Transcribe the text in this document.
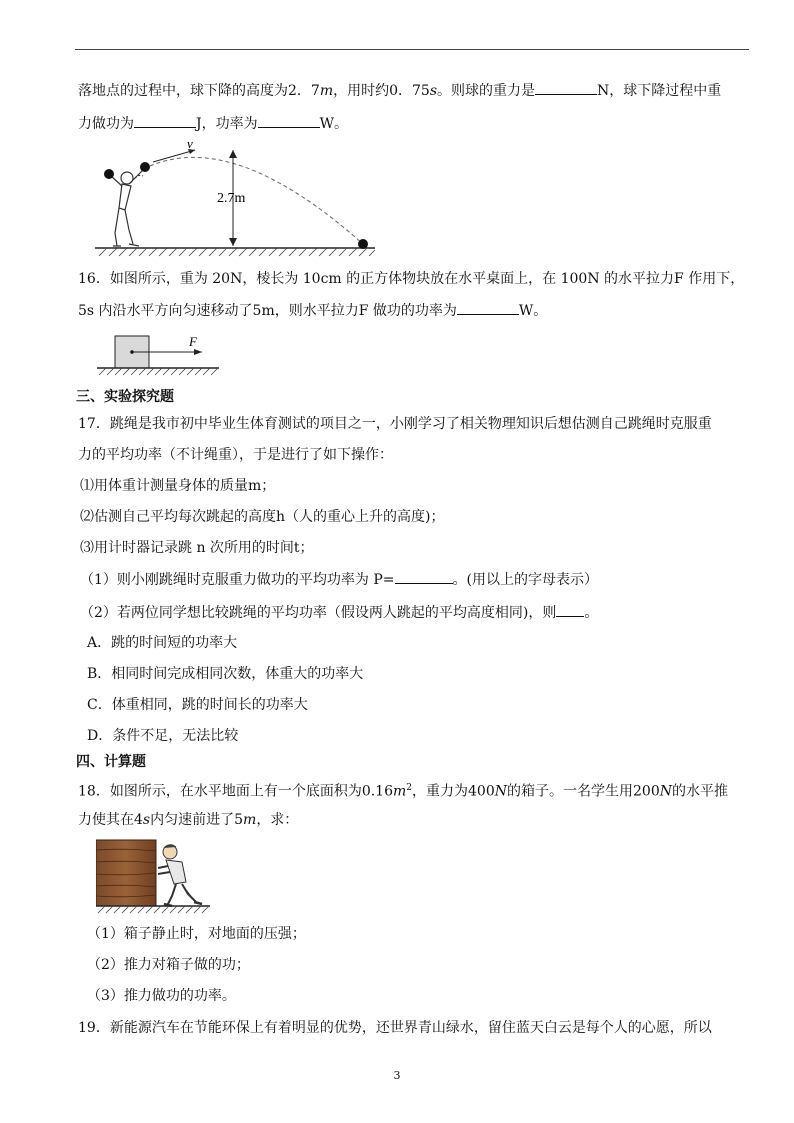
落地点的过程中，球下降的高度为2．7m，用时约0．75s。则球的重力是	N，球下降过程中重
力做功为	J，功率为	W。
v
2.7m
16．如图所示，重为 20N，棱长为 10cm 的正方体物块放在水平桌面上，在 100N 的水平拉力F 作用下，
5s 内沿水平方向匀速移动了5m，则水平拉力F 做功的功率为	W。
F
三、实验探究题
17．跳绳是我市初中毕业生体育测试的项目之一，小刚学习了相关物理知识后想估测自己跳绳时克服重
力的平均功率（不计绳重），于是进行了如下操作：
⑴用体重计测量身体的质量m；
⑵估测自己平均每次跳起的高度h（人的重心上升的高度)；
⑶用计时器记录跳 n 次所用的时间t；
（1）则小刚跳绳时克服重力做功的平均功率为 P=	。(用以上的字母表示）
（2）若两位同学想比较跳绳的平均功率（假设两人跳起的平均高度相同)，则 。
A．跳的时间短的功率大
B．相同时间完成相同次数，体重大的功率大
C．体重相同，跳的时间长的功率大
D．条件不足，无法比较
四、计算题
18．如图所示，在水平地面上有一个底面积为$0.16m^2$，重力为400N的箱子。一名学生用200N的水平推
力使其在4s内匀速前进了5m，求：
（1）箱子静止时，对地面的压强；
（2）推力对箱子做的功；
（3）推力做功的功率。
19．新能源汽车在节能环保上有着明显的优势，还世界青山绿水，留住蓝天白云是每个人的心愿，所以
3
